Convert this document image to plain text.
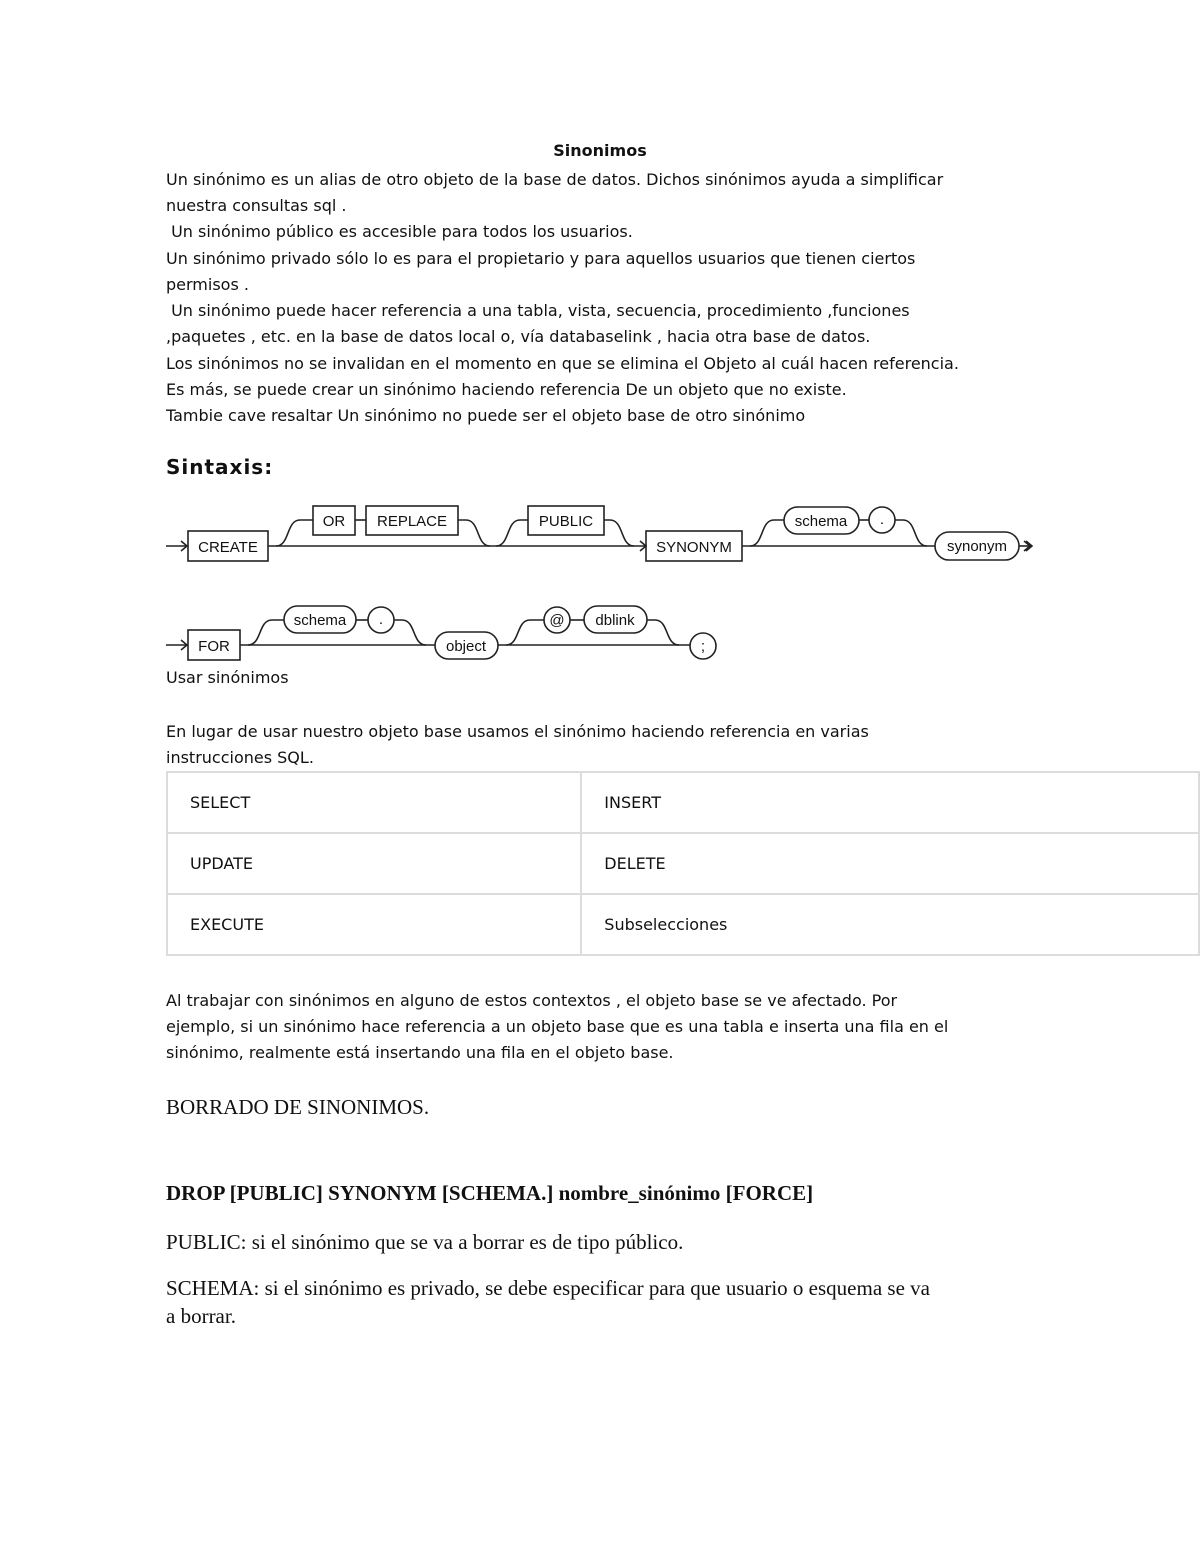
Sinonimos
Un sinónimo es un alias de otro objeto de la base de datos. Dichos sinónimos ayuda a simplificar
nuestra consultas sql .
Un sinónimo público es accesible para todos los usuarios.
Un sinónimo privado sólo lo es para el propietario y para aquellos usuarios que tienen ciertos
permisos .
Un sinónimo puede hacer referencia a una tabla, vista, secuencia, procedimiento ,funciones
,paquetes , etc. en la base de datos local o, vía databaselink , hacia otra base de datos.
Los sinónimos no se invalidan en el momento en que se elimina el Objeto al cuál hacen referencia.
Es más, se puede crear un sinónimo haciendo referencia De un objeto que no existe.
Tambie cave resaltar Un sinónimo no puede ser el objeto base de otro sinónimo
Sintaxis:
CREATE
OR REPLACE	PUBLIC
SYNONYM
schema .
synonym
FOR
schema .
object
@ dblink
;
Usar sinónimos
En lugar de usar nuestro objeto base usamos el sinónimo haciendo referencia en varias
instrucciones SQL.
SELECT	INSERT
UPDATE	DELETE
EXECUTE	Subselecciones
Al trabajar con sinónimos en alguno de estos contextos , el objeto base se ve afectado. Por
ejemplo, si un sinónimo hace referencia a un objeto base que es una tabla e inserta una fila en el
sinónimo, realmente está insertando una fila en el objeto base.
BORRADO DE SINONIMOS.
DROP [PUBLIC] SYNONYM [SCHEMA.] nombre_sinónimo [FORCE]
PUBLIC: si el sinónimo que se va a borrar es de tipo público.
SCHEMA: si el sinónimo es privado, se debe especificar para que usuario o esquema se va
a borrar.
